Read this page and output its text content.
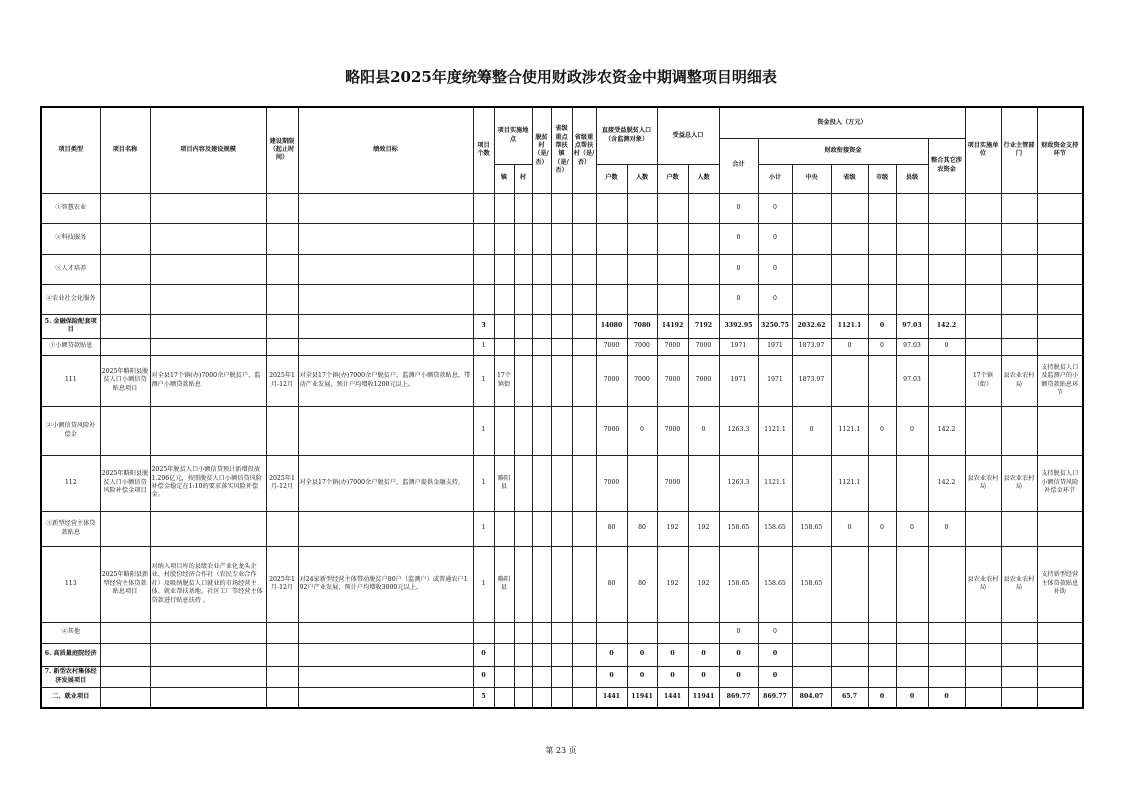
略阳县2025年度统筹整合使用财政涉农资金中期调整项目明细表
项目类型	项目名称	项目内容及建设规模	建设期限（起止时间）	绩效目标	项目个数	项目实施地点		脱贫村（是/否）	省级重点帮扶镇（是/否）	省级重点帮扶村（是/否）	直接受益脱贫人口（含监测对象）		受益总人口		资金投入（万元）							项目实施单位	行业主管部门	财政资金支持环节
															合计	财政衔接资金					整合其它涉农资金			
						镇	村				户数	人数	户数	人数		小计	中央	省级	市级	县级				
①智慧农业															0	0								
②科技服务															0	0								
③人才培养															0	0								
④农业社会化服务															0	0								
5. 金融保险配套项目					3						14080	7080	14192	7192	3392.95	3250.75	2032.62	1121.1	0	97.03	142.2			
①小额贷款贴息					1						7000	7000	7000	7000	1971	1971	1873.97	0	0	97.03	0			
111	2025年略阳县脱贫人口小额信贷贴息项目	对全县17个镇(办)7000余户脱贫户、监测户小额贷款贴息	2025年1月-12月	对全县17个镇(办)7000余户脱贫户、监测户小额贷款贴息，带动产业发展，预计户均增收1200元以上。	1	17个镇街					7000	7000	7000	7000	1971	1971	1873.97			97.03		17个镇（街）	县农业农村局	支持脱贫人口及监测户的小额贷款贴息环节
②小额信贷风险补偿金					1						7000	0	7000	0	1263.3	1121.1	0	1121.1	0	0	142.2			
112	2025年略阳县脱贫人口小额信贷风险补偿金项目	2025年脱贫人口小额信贷预计新增投放1.296亿元，按照脱贫人口小额信贷风险补偿金稳定在1:10的要求落实风险补偿金。	2025年1月-12月	对全县17个镇(办)7000余户脱贫户、监测户提供金融支持。	1	略阳县					7000		7000		1263.3	1121.1		1121.1			142.2	县农业农村局	县农业农村局	支持脱贫人口小额信贷风险补偿金环节
③新型经营主体贷款贴息					1						80	80	192	192	158.65	158.65	158.65	0	0	0	0			
113	2025年略阳县新型经营主体贷款贴息项目	对纳入项目库的县级农业产业化龙头企业、村股份经济合作社（农民专业合作社）及吸纳脱贫人口就业的市场经营主体、就业帮扶基地、社区工厂等经营主体贷款进行贴息扶持 。	2025年1月-12月	对24家新型经营主体带动脱贫户80户（监测户）或普通农户192户产业发展，预计户均增收3000元以上。	1	略阳县					80	80	192	192	158.65	158.65	158.65					县农业农村局	县农业农村局	支持新型经营主体贷款贴息补助
④其他															0	0								
6. 高质量庭院经济					0						0	0	0	0	0	0								
7. 新型农村集体经济发展项目					0						0	0	0	0	0	0								
二、就业项目					5						1441	11941	1441	11941	869.77	869.77	804.07	65.7	0	0	0			
第 23 页
